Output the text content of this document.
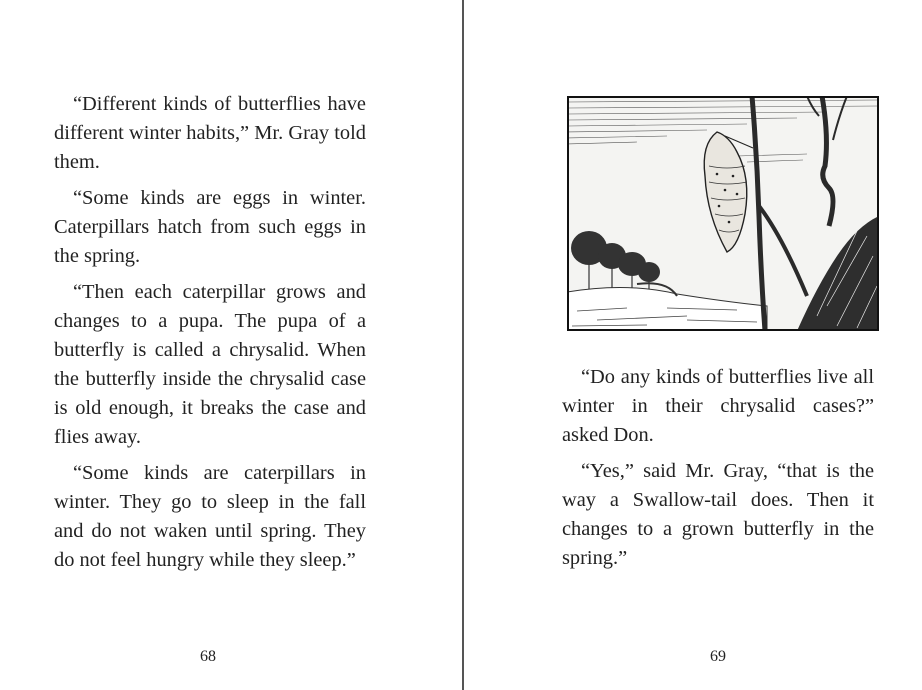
“Different kinds of butterflies have different winter habits,” Mr. Gray told them.

“Some kinds are eggs in winter. Caterpillars hatch from such eggs in the spring.

“Then each caterpillar grows and changes to a pupa. The pupa of a butterfly is called a chrysalid. When the butterfly inside the chrysalid case is old enough, it breaks the case and flies away.

“Some kinds are caterpillars in winter. They go to sleep in the fall and do not waken until spring. They do not feel hungry while they sleep.”

68

“Do any kinds of butterflies live all winter in their chrysalid cases?” asked Don.

“Yes,” said Mr. Gray, “that is the way a Swallow-tail does. Then it changes to a grown butterfly in the spring.”

69
